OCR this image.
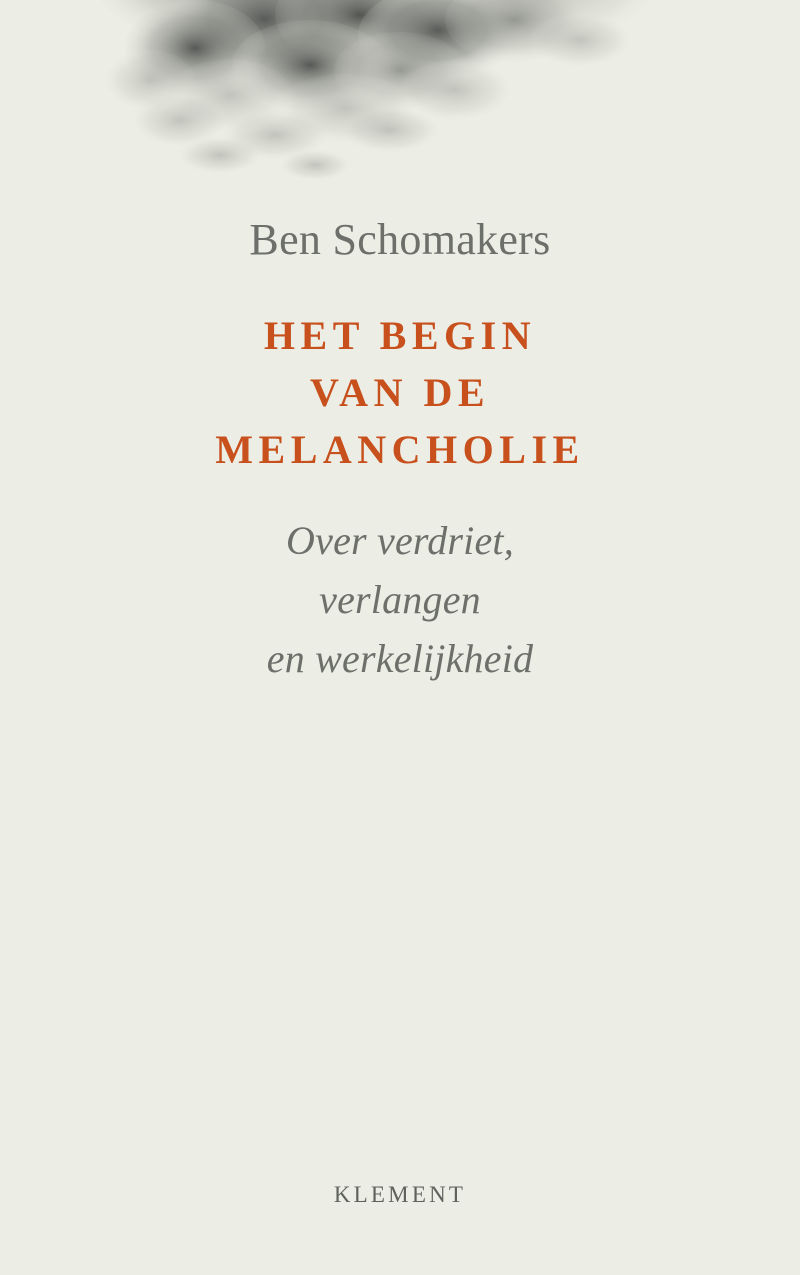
Ben Schomakers
HET BEGIN
VAN DE
MELANCHOLIE
Over verdriet,
verlangen
en werkelijkheid
KLEMENT
